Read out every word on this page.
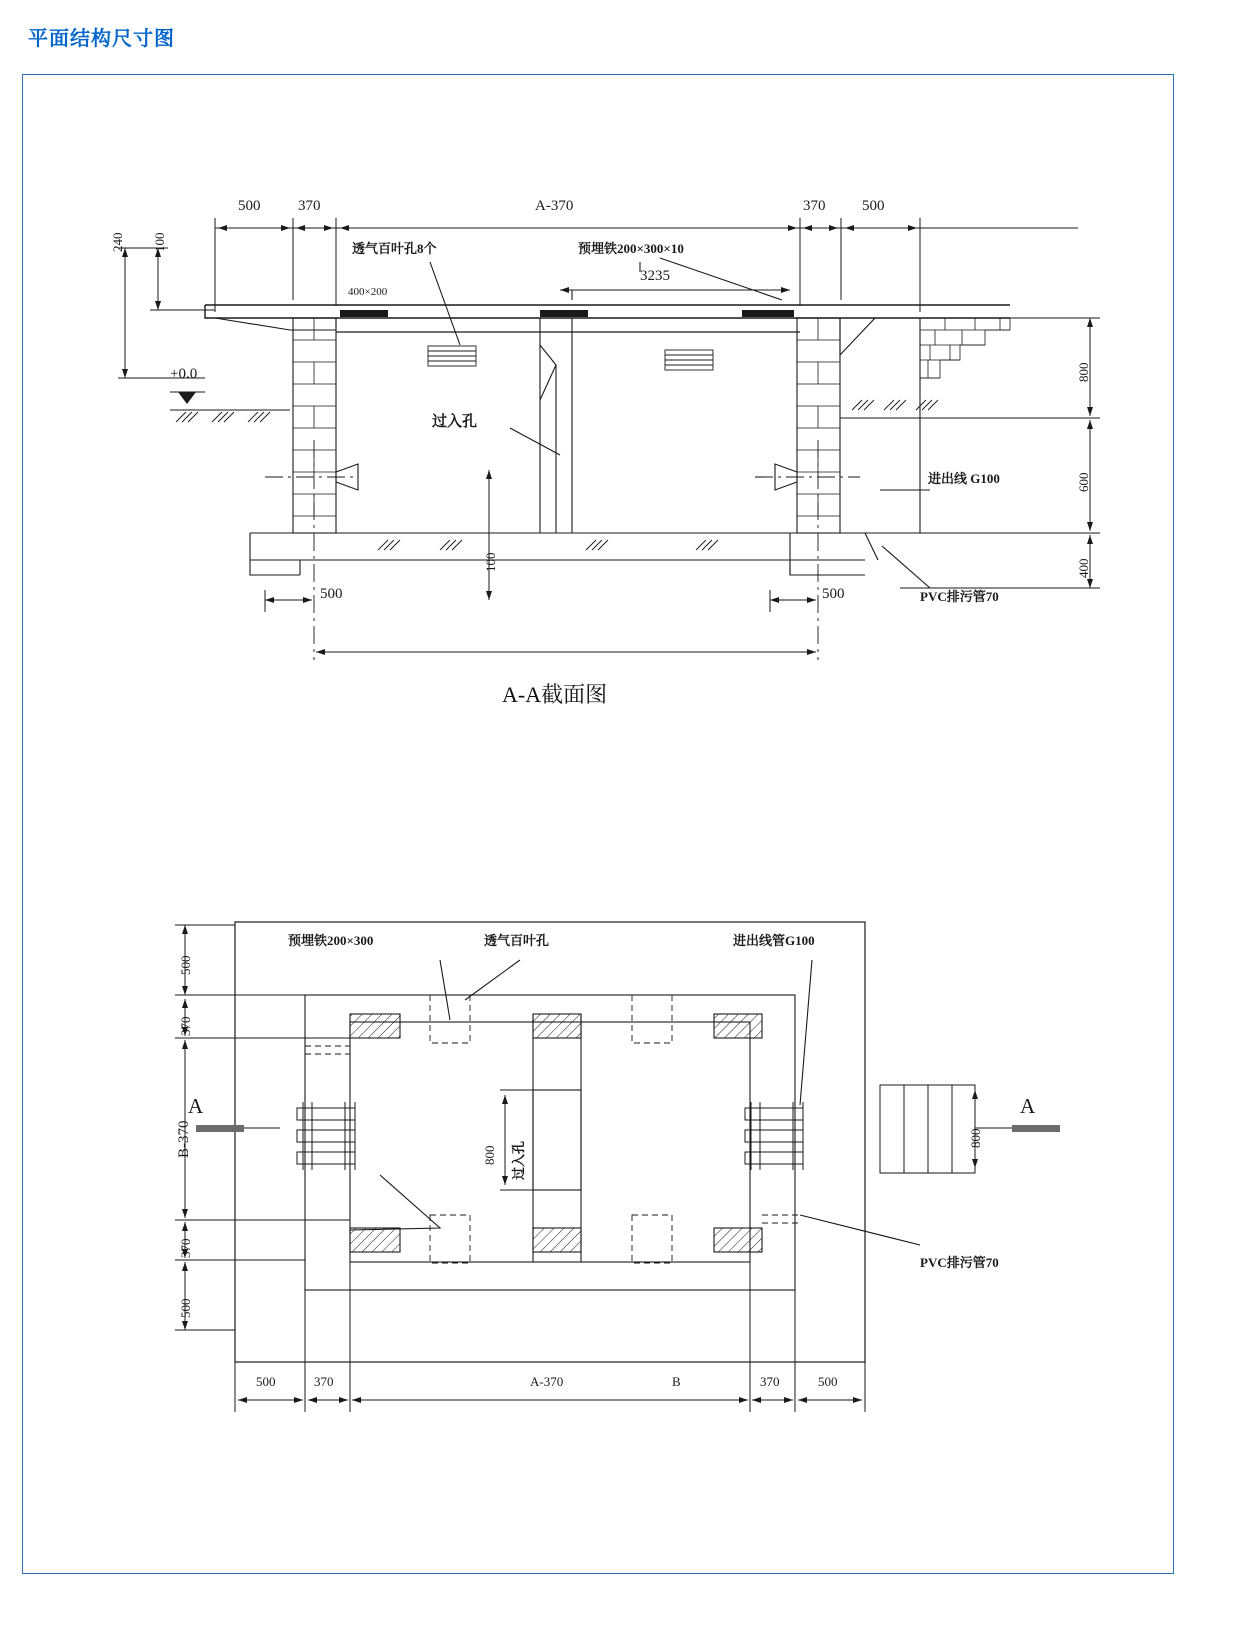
平面结构尺寸图
500	370	A-370	370 500
240 100	透气百叶孔8个
400×200
预埋铁200×300×10
3235
+0.0
过入孔
进出线 G100
PVC排污管70
800
600
400
500
100
500
A-A截面图
预埋铁200×300	透气百叶孔	进出线管G100
PVC排污管70
500
370
B-370
370
500
A	A
800 过入孔
800
500	370	A-370	B	370	500
